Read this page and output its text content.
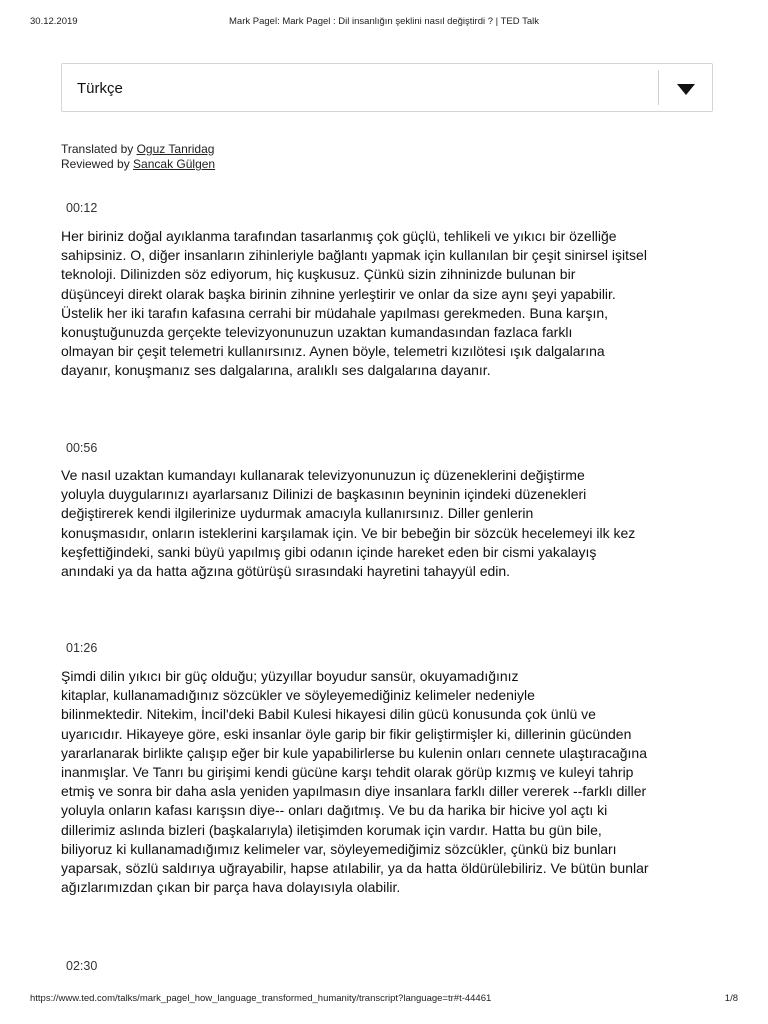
30.12.2019	Mark Pagel: Mark Pagel : Dil insanlığın şeklini nasıl değiştirdi ? | TED Talk
Türkçe
Translated by Oguz Tanridag
Reviewed by Sancak Gülgen
00:12
Her biriniz doğal ayıklanma tarafından tasarlanmış çok güçlü, tehlikeli ve yıkıcı bir özelliğe
sahipsiniz. O, diğer insanların zihinleriyle bağlantı yapmak için kullanılan bir çeşit sinirsel işitsel
teknoloji. Dilinizden söz ediyorum, hiç kuşkusuz. Çünkü sizin zihninizde bulunan bir
düşünceyi direkt olarak başka birinin zihnine yerleştirir ve onlar da size aynı şeyi yapabilir.
Üstelik her iki tarafın kafasına cerrahi bir müdahale yapılması gerekmeden. Buna karşın,
konuştuğunuzda gerçekte televizyonunuzun uzaktan kumandasından fazlaca farklı
olmayan bir çeşit telemetri kullanırsınız. Aynen böyle, telemetri kızılötesi ışık dalgalarına
dayanır, konuşmanız ses dalgalarına, aralıklı ses dalgalarına dayanır.
00:56
Ve nasıl uzaktan kumandayı kullanarak televizyonunuzun iç düzeneklerini değiştirme
yoluyla duygularınızı ayarlarsanız Dilinizi de başkasının beyninin içindeki düzenekleri
değiştirerek kendi ilgilerinize uydurmak amacıyla kullanırsınız. Diller genlerin
konuşmasıdır, onların isteklerini karşılamak için. Ve bir bebeğin bir sözcük hecelemeyi ilk kez
keşfettiğindeki, sanki büyü yapılmış gibi odanın içinde hareket eden bir cismi yakalayış
anındaki ya da hatta ağzına götürüşü sırasındaki hayretini tahayyül edin.
01:26
Şimdi dilin yıkıcı bir güç olduğu; yüzyıllar boyudur sansür, okuyamadığınız
kitaplar, kullanamadığınız sözcükler ve söyleyemediğiniz kelimeler nedeniyle
bilinmektedir. Nitekim, İncil'deki Babil Kulesi hikayesi dilin gücü konusunda çok ünlü ve
uyarıcıdır. Hikayeye göre, eski insanlar öyle garip bir fikir geliştirmişler ki, dillerinin gücünden
yararlanarak birlikte çalışıp eğer bir kule yapabilirlerse bu kulenin onları cennete ulaştıracağına
inanmışlar. Ve Tanrı bu girişimi kendi gücüne karşı tehdit olarak görüp kızmış ve kuleyi tahrip
etmiş ve sonra bir daha asla yeniden yapılmasın diye insanlara farklı diller vererek --farklı diller
yoluyla onların kafası karışsın diye-- onları dağıtmış. Ve bu da harika bir hicive yol açtı ki
dillerimiz aslında bizleri (başkalarıyla) iletişimden korumak için vardır. Hatta bu gün bile,
biliyoruz ki kullanamadığımız kelimeler var, söyleyemediğimiz sözcükler, çünkü biz bunları
yaparsak, sözlü saldırıya uğrayabilir, hapse atılabilir, ya da hatta öldürülebiliriz. Ve bütün bunlar
ağızlarımızdan çıkan bir parça hava dolayısıyla olabilir.
02:30
https://www.ted.com/talks/mark_pagel_how_language_transformed_humanity/transcript?language=tr#t-44461	1/8
